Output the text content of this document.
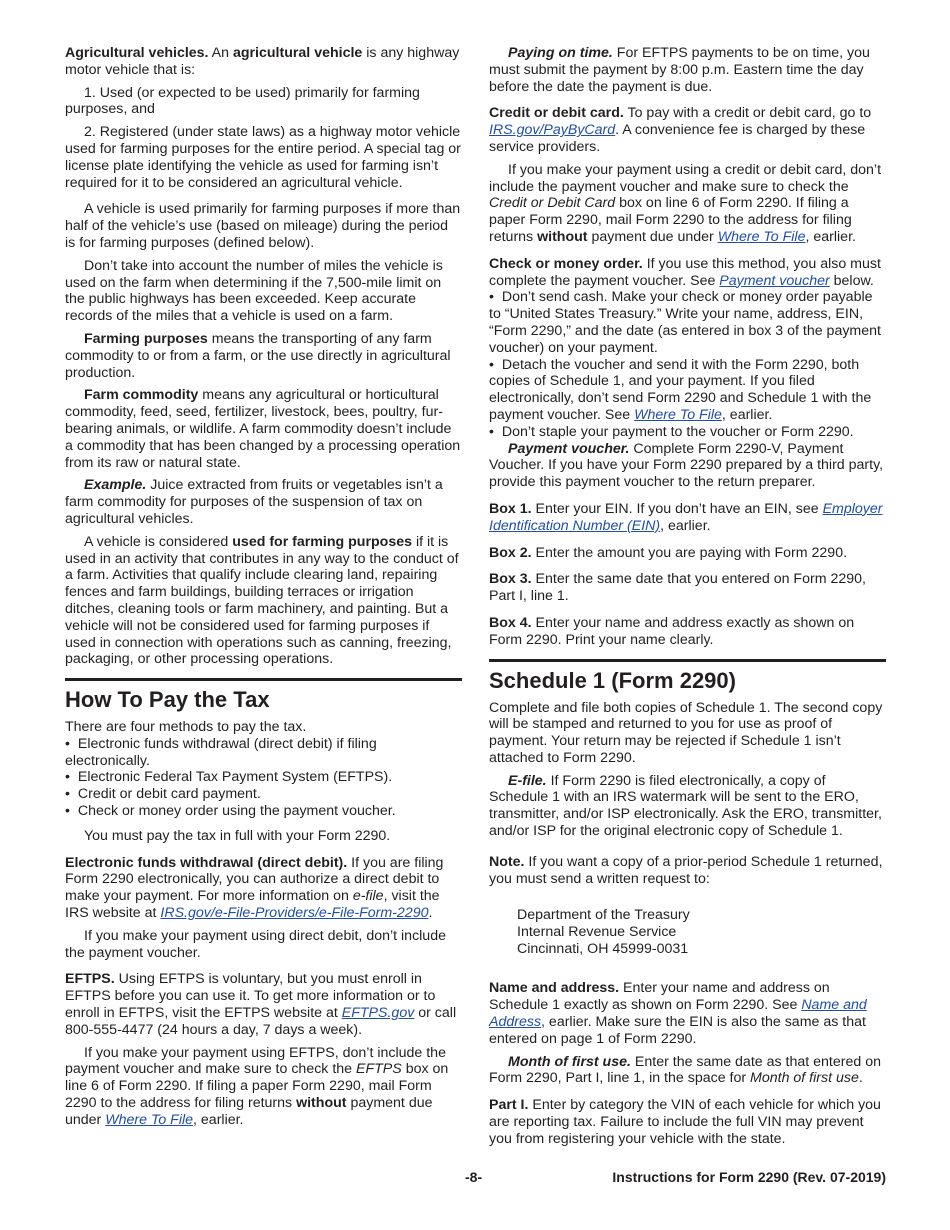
Agricultural vehicles. An agricultural vehicle is any highway motor vehicle that is:

1. Used (or expected to be used) primarily for farming purposes, and

2. Registered (under state laws) as a highway motor vehicle used for farming purposes for the entire period. A special tag or license plate identifying the vehicle as used for farming isn’t required for it to be considered an agricultural vehicle.

A vehicle is used primarily for farming purposes if more than half of the vehicle’s use (based on mileage) during the period is for farming purposes (defined below).

Don’t take into account the number of miles the vehicle is used on the farm when determining if the 7,500-mile limit on the public highways has been exceeded. Keep accurate records of the miles that a vehicle is used on a farm.

Farming purposes means the transporting of any farm commodity to or from a farm, or the use directly in agricultural production.

Farm commodity means any agricultural or horticultural commodity, feed, seed, fertilizer, livestock, bees, poultry, fur-bearing animals, or wildlife. A farm commodity doesn’t include a commodity that has been changed by a processing operation from its raw or natural state.

Example. Juice extracted from fruits or vegetables isn’t a farm commodity for purposes of the suspension of tax on agricultural vehicles.

A vehicle is considered used for farming purposes if it is used in an activity that contributes in any way to the conduct of a farm. Activities that qualify include clearing land, repairing fences and farm buildings, building terraces or irrigation ditches, cleaning tools or farm machinery, and painting. But a vehicle will not be considered used for farming purposes if used in connection with operations such as canning, freezing, packaging, or other processing operations.

How To Pay the Tax
There are four methods to pay the tax.
•  Electronic funds withdrawal (direct debit) if filing electronically.
•  Electronic Federal Tax Payment System (EFTPS).
•  Credit or debit card payment.
•  Check or money order using the payment voucher.

You must pay the tax in full with your Form 2290.

Electronic funds withdrawal (direct debit). If you are filing Form 2290 electronically, you can authorize a direct debit to make your payment. For more information on e-file, visit the IRS website at IRS.gov/e-File-Providers/e-File-Form-2290.

If you make your payment using direct debit, don’t include the payment voucher.

EFTPS. Using EFTPS is voluntary, but you must enroll in EFTPS before you can use it. To get more information or to enroll in EFTPS, visit the EFTPS website at EFTPS.gov or call 800-555-4477 (24 hours a day, 7 days a week).

If you make your payment using EFTPS, don’t include the payment voucher and make sure to check the EFTPS box on line 6 of Form 2290. If filing a paper Form 2290, mail Form 2290 to the address for filing returns without payment due under Where To File, earlier.

Paying on time. For EFTPS payments to be on time, you must submit the payment by 8:00 p.m. Eastern time the day before the date the payment is due.

Credit or debit card. To pay with a credit or debit card, go to IRS.gov/PayByCard. A convenience fee is charged by these service providers.

If you make your payment using a credit or debit card, don’t include the payment voucher and make sure to check the Credit or Debit Card box on line 6 of Form 2290. If filing a paper Form 2290, mail Form 2290 to the address for filing returns without payment due under Where To File, earlier.

Check or money order. If you use this method, you also must complete the payment voucher. See Payment voucher below.

•  Don’t send cash. Make your check or money order payable to “United States Treasury.” Write your name, address, EIN, “Form 2290,” and the date (as entered in box 3 of the payment voucher) on your payment.
•  Detach the voucher and send it with the Form 2290, both copies of Schedule 1, and your payment. If you filed electronically, don’t send Form 2290 and Schedule 1 with the payment voucher. See Where To File, earlier.
•  Don’t staple your payment to the voucher or Form 2290.

Payment voucher. Complete Form 2290-V, Payment Voucher. If you have your Form 2290 prepared by a third party, provide this payment voucher to the return preparer.

Box 1. Enter your EIN. If you don’t have an EIN, see Employer Identification Number (EIN), earlier.

Box 2. Enter the amount you are paying with Form 2290.

Box 3. Enter the same date that you entered on Form 2290, Part I, line 1.

Box 4. Enter your name and address exactly as shown on Form 2290. Print your name clearly.

Schedule 1 (Form 2290)

Complete and file both copies of Schedule 1. The second copy will be stamped and returned to you for use as proof of payment. Your return may be rejected if Schedule 1 isn’t attached to Form 2290.

E-file. If Form 2290 is filed electronically, a copy of Schedule 1 with an IRS watermark will be sent to the ERO, transmitter, and/or ISP electronically. Ask the ERO, transmitter, and/or ISP for the original electronic copy of Schedule 1.

Note. If you want a copy of a prior-period Schedule 1 returned, you must send a written request to:

Department of the Treasury
Internal Revenue Service
Cincinnati, OH 45999-0031

Name and address. Enter your name and address on Schedule 1 exactly as shown on Form 2290. See Name and Address, earlier. Make sure the EIN is also the same as that entered on page 1 of Form 2290.

Month of first use. Enter the same date as that entered on Form 2290, Part I, line 1, in the space for Month of first use.

Part I. Enter by category the VIN of each vehicle for which you are reporting tax. Failure to include the full VIN may prevent you from registering your vehicle with the state.

-8-	Instructions for Form 2290 (Rev. 07-2019)
